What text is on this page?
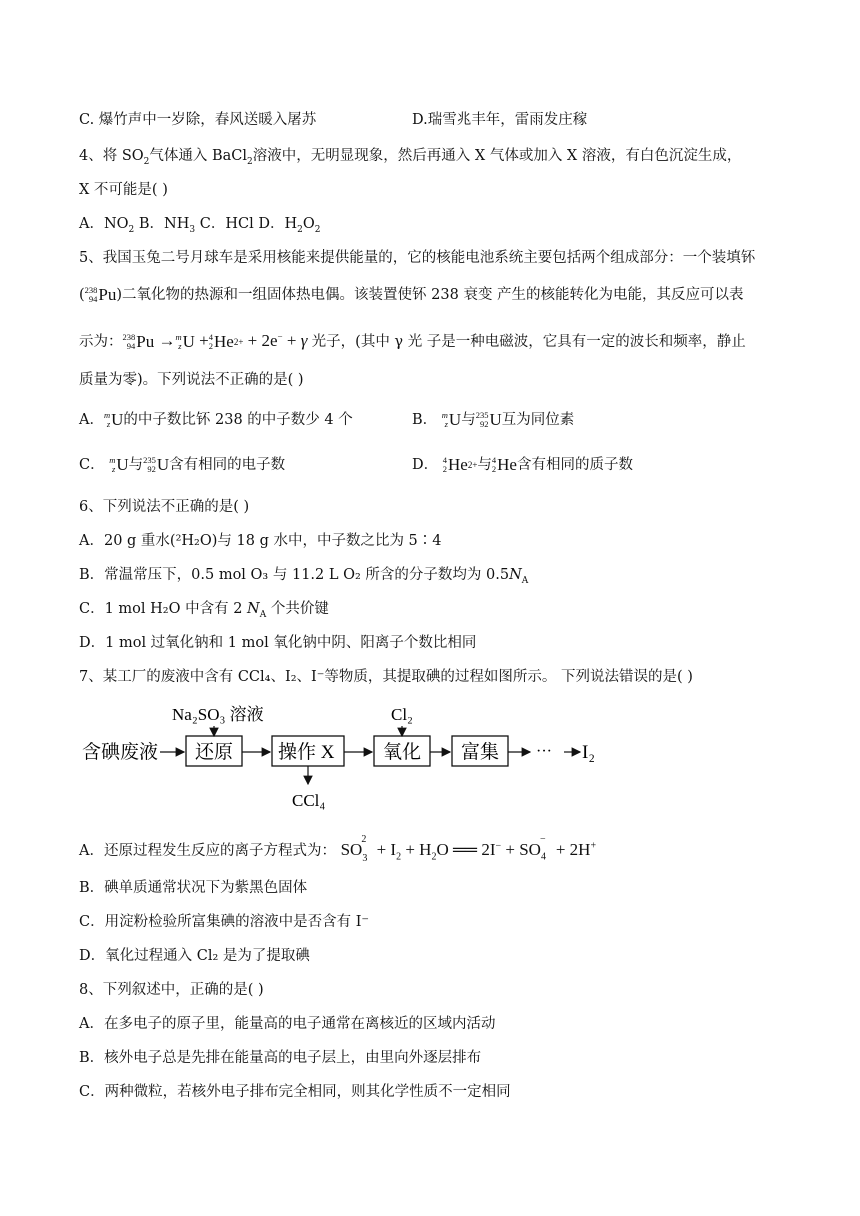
C. 爆竹声中一岁除，春风送暖入屠苏	D.瑞雪兆丰年，雷雨发庄稼
4、将 $SO_2$气体通入 BaCl$_2$溶液中，无明显现象，然后再通入 X 气体或加入 X 溶液，有白色沉淀生成，
X 不可能是( )
A．$NO_2$ B．$NH_3$ C．HCl D．$H_2O_2$
5、我国玉兔二号月球车是采用核能来提供能量的，它的核能电池系统主要包括两个组成部分：一个装填钚
( 238
94 Pu)二氧化物的热源和一组固体热电偶。该装置使钚 238 衰变 产生的核能转化为电能，其反应可以表
示为： 238
94 Pu → m
z U + 4
2 He 2+ + 2e− + γ 光子，(其中 γ 光 子是一种电磁波，它具有一定的波长和频率，静止
质量为零)。下列说法不正确的是( )
A． m
z U的中子数比钚 238 的中子数少 4 个	B． m
z U与 235
92 U互为同位素
C． m
z U与 235
92 U含有相同的电子数	D． 4
2 He 2+ 与 4
2 He含有相同的质子数
6、下列说法不正确的是( )
A．20 g 重水(²H₂O)与 18 g 水中，中子数之比为 5∶4
B．常温常压下，0.5 mol O₃ 与 11.2 L O₂ 所含的分子数均为 $0.5N_A$
C．1 mol H₂O 中含有 2 $N_A$ 个共价键
D．1 mol 过氧化钠和 1 mol 氧化钠中阴、阳离子个数比相同
7、某工厂的废液中含有 CCl₄、I₂、I⁻等物质，其提取碘的过程如图所示。 下列说法错误的是( )
含碘废液
Na₂SO₃ 溶液
还原 操作 X
CCl₄
Cl₂
氧化 富集 ··· I₂
A．还原过程发生反应的离子方程式为： $SO_3^2 + I_2 + H_2O$ ══ $2I^- + SO_4^- + 2H^+$
B．碘单质通常状况下为紫黑色固体
C．用淀粉检验所富集碘的溶液中是否含有 I⁻
D．氧化过程通入 Cl₂ 是为了提取碘
8、下列叙述中，正确的是( )
A．在多电子的原子里，能量高的电子通常在离核近的区域内活动
B．核外电子总是先排在能量高的电子层上，由里向外逐层排布
C．两种微粒，若核外电子排布完全相同，则其化学性质不一定相同
